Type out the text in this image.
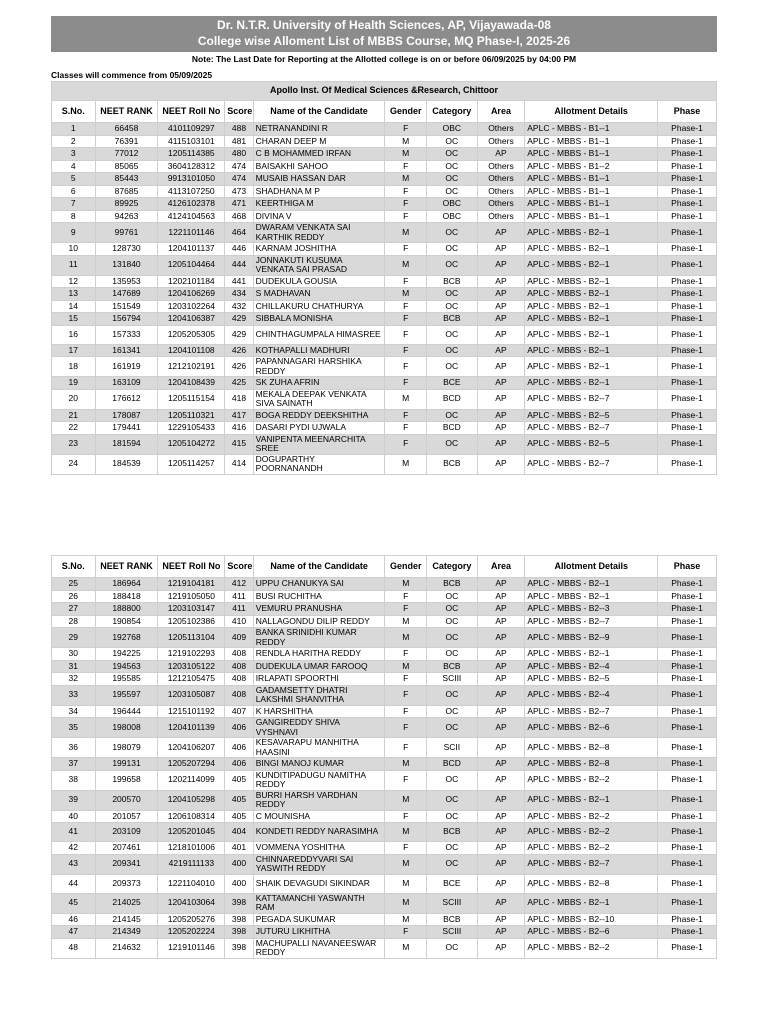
Dr. N.T.R. University of Health Sciences, AP, Vijayawada-08
College wise Alloment List of MBBS Course, MQ Phase-I, 2025-26
Note: The Last Date for Reporting at the Allotted college is on or before 06/09/2025 by 04:00 PM
Classes will commence from 05/09/2025
Apollo Inst. Of Medical Sciences &Research, Chittoor									
S.No.	NEET RANK	NEET Roll No	Score	Name of the Candidate	Gender	Category	Area	Allotment Details	Phase
1	66458	4101109297	488	NETRANANDINI R	F	OBC	Others	APLC - MBBS - B1--1	Phase-1
2	76391	4115103101	481	CHARAN DEEP M	M	OC	Others	APLC - MBBS - B1--1	Phase-1
3	77012	1205114385	480	C B MOHAMMED IRFAN	M	OC	AP	APLC - MBBS - B1--1	Phase-1
4	85065	3604128312	474	BAISAKHI SAHOO	F	OC	Others	APLC - MBBS - B1--2	Phase-1
5	85443	9913101050	474	MUSAIB HASSAN DAR	M	OC	Others	APLC - MBBS - B1--1	Phase-1
6	87685	4113107250	473	SHADHANA M P	F	OC	Others	APLC - MBBS - B1--1	Phase-1
7	89925	4126102378	471	KEERTHIGA M	F	OBC	Others	APLC - MBBS - B1--1	Phase-1
8	94263	4124104563	468	DIVINA V	F	OBC	Others	APLC - MBBS - B1--1	Phase-1
9	99761	1221101146	464	DWARAM VENKATA SAI KARTHIK REDDY	M	OC	AP	APLC - MBBS - B2--1	Phase-1
10	128730	1204101137	446	KARNAM JOSHITHA	F	OC	AP	APLC - MBBS - B2--1	Phase-1
11	131840	1205104464	444	JONNAKUTI KUSUMA VENKATA SAI PRASAD	M	OC	AP	APLC - MBBS - B2--1	Phase-1
12	135953	1202101184	441	DUDEKULA GOUSIA	F	BCB	AP	APLC - MBBS - B2--1	Phase-1
13	147689	1204106269	434	S MADHAVAN	M	OC	AP	APLC - MBBS - B2--1	Phase-1
14	151549	1203102264	432	CHILLAKURU CHATHURYA	F	OC	AP	APLC - MBBS - B2--1	Phase-1
15	156794	1204106387	429	SIBBALA MONISHA	F	BCB	AP	APLC - MBBS - B2--1	Phase-1
16	157333	1205205305	429	CHINTHAGUMPALA HIMASREE	F	OC	AP	APLC - MBBS - B2--1	Phase-1
17	161341	1204101108	426	KOTHAPALLI MADHURI	F	OC	AP	APLC - MBBS - B2--1	Phase-1
18	161919	1212102191	426	PAPANNAGARI HARSHIKA REDDY	F	OC	AP	APLC - MBBS - B2--1	Phase-1
19	163109	1204108439	425	SK ZUHA AFRIN	F	BCE	AP	APLC - MBBS - B2--1	Phase-1
20	176612	1205115154	418	MEKALA DEEPAK VENKATA SIVA SAINATH	M	BCD	AP	APLC - MBBS - B2--7	Phase-1
21	178087	1205110321	417	BOGA REDDY DEEKSHITHA	F	OC	AP	APLC - MBBS - B2--5	Phase-1
22	179441	1229105433	416	DASARI PYDI UJWALA	F	BCD	AP	APLC - MBBS - B2--7	Phase-1
23	181594	1205104272	415	VANIPENTA MEENARCHITA SREE	F	OC	AP	APLC - MBBS - B2--5	Phase-1
24	184539	1205114257	414	DOGUPARTHY POORNANANDH	M	BCB	AP	APLC - MBBS - B2--7	Phase-1
S.No.	NEET RANK	NEET Roll No	Score	Name of the Candidate	Gender	Category	Area	Allotment Details	Phase
25	186964	1219104181	412	UPPU CHANUKYA SAI	M	BCB	AP	APLC - MBBS - B2--1	Phase-1
26	188418	1219105050	411	BUSI RUCHITHA	F	OC	AP	APLC - MBBS - B2--1	Phase-1
27	188800	1203103147	411	VEMURU PRANUSHA	F	OC	AP	APLC - MBBS - B2--3	Phase-1
28	190854	1205102386	410	NALLAGONDU DILIP REDDY	M	OC	AP	APLC - MBBS - B2--7	Phase-1
29	192768	1205113104	409	BANKA SRINIDHI KUMAR REDDY	M	OC	AP	APLC - MBBS - B2--9	Phase-1
30	194225	1219102293	408	RENDLA HARITHA REDDY	F	OC	AP	APLC - MBBS - B2--1	Phase-1
31	194563	1203105122	408	DUDEKULA UMAR FAROOQ	M	BCB	AP	APLC - MBBS - B2--4	Phase-1
32	195585	1212105475	408	IRLAPATI SPOORTHI	F	SCIII	AP	APLC - MBBS - B2--5	Phase-1
33	195597	1203105087	408	GADAMSETTY DHATRI LAKSHMI SHANVITHA	F	OC	AP	APLC - MBBS - B2--4	Phase-1
34	196444	1215101192	407	K HARSHITHA	F	OC	AP	APLC - MBBS - B2--7	Phase-1
35	198008	1204101139	406	GANGIREDDY SHIVA VYSHNAVI	F	OC	AP	APLC - MBBS - B2--6	Phase-1
36	198079	1204106207	406	KESAVARAPU MANHITHA HAASINI	F	SCII	AP	APLC - MBBS - B2--8	Phase-1
37	199131	1205207294	406	BINGI MANOJ KUMAR	M	BCD	AP	APLC - MBBS - B2--8	Phase-1
38	199658	1202114099	405	KUNDITIPADUGU NAMITHA REDDY	F	OC	AP	APLC - MBBS - B2--2	Phase-1
39	200570	1204105298	405	BURRI HARSH VARDHAN REDDY	M	OC	AP	APLC - MBBS - B2--1	Phase-1
40	201057	1206108314	405	C MOUNISHA	F	OC	AP	APLC - MBBS - B2--2	Phase-1
41	203109	1205201045	404	KONDETI REDDY NARASIMHA	M	BCB	AP	APLC - MBBS - B2--2	Phase-1
42	207461	1218101006	401	VOMMENA YOSHITHA	F	OC	AP	APLC - MBBS - B2--2	Phase-1
43	209341	4219111133	400	CHINNAREDDYVARI SAI YASWITH REDDY	M	OC	AP	APLC - MBBS - B2--7	Phase-1
44	209373	1221104010	400	SHAIK DEVAGUDI SIKINDAR	M	BCE	AP	APLC - MBBS - B2--8	Phase-1
45	214025	1204103064	398	KATTAMANCHI YASWANTH RAM	M	SCIII	AP	APLC - MBBS - B2--1	Phase-1
46	214145	1205205276	398	PEGADA SUKUMAR	M	BCB	AP	APLC - MBBS - B2--10	Phase-1
47	214349	1205202224	398	JUTURU LIKHITHA	F	SCIII	AP	APLC - MBBS - B2--6	Phase-1
48	214632	1219101146	398	MACHUPALLI NAVANEESWAR REDDY	M	OC	AP	APLC - MBBS - B2--2	Phase-1
